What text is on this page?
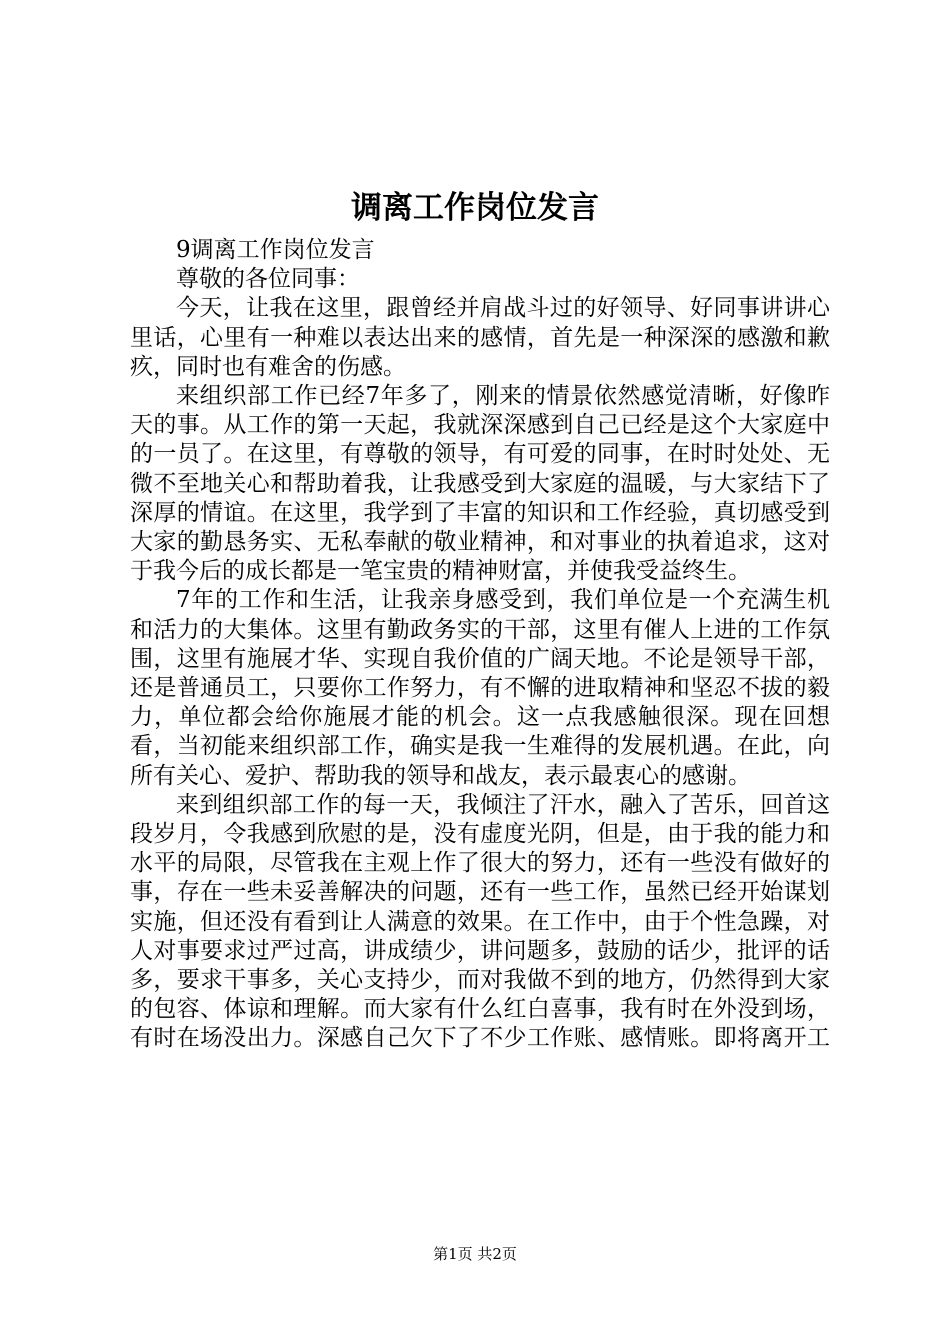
调离工作岗位发言

9调离工作岗位发言

尊敬的各位同事：

今天，让我在这里，跟曾经并肩战斗过的好领导、好同事讲讲心里话，心里有一种难以表达出来的感情，首先是一种深深的感激和歉疚，同时也有难舍的伤感。

来组织部工作已经7年多了，刚来的情景依然感觉清晰，好像昨天的事。从工作的第一天起，我就深深感到自己已经是这个大家庭中的一员了。在这里，有尊敬的领导，有可爱的同事，在时时处处、无微不至地关心和帮助着我，让我感受到大家庭的温暖，与大家结下了深厚的情谊。在这里，我学到了丰富的知识和工作经验，真切感受到大家的勤恳务实、无私奉献的敬业精神，和对事业的执着追求，这对于我今后的成长都是一笔宝贵的精神财富，并使我受益终生。

7年的工作和生活，让我亲身感受到，我们单位是一个充满生机和活力的大集体。这里有勤政务实的干部，这里有催人上进的工作氛围，这里有施展才华、实现自我价值的广阔天地。不论是领导干部，还是普通员工，只要你工作努力，有不懈的进取精神和坚忍不拔的毅力，单位都会给你施展才能的机会。这一点我感触很深。现在回想看，当初能来组织部工作，确实是我一生难得的发展机遇。在此，向所有关心、爱护、帮助我的领导和战友，表示最衷心的感谢。

来到组织部工作的每一天，我倾注了汗水，融入了苦乐，回首这段岁月，令我感到欣慰的是，没有虚度光阴，但是，由于我的能力和水平的局限，尽管我在主观上作了很大的努力，还有一些没有做好的事，存在一些未妥善解决的问题，还有一些工作，虽然已经开始谋划实施，但还没有看到让人满意的效果。在工作中，由于个性急躁，对人对事要求过严过高，讲成绩少，讲问题多，鼓励的话少，批评的话多，要求干事多，关心支持少，而对我做不到的地方，仍然得到大家的包容、体谅和理解。而大家有什么红白喜事，我有时在外没到场，有时在场没出力。深感自己欠下了不少工作账、感情账。即将离开工

第1页 共2页
